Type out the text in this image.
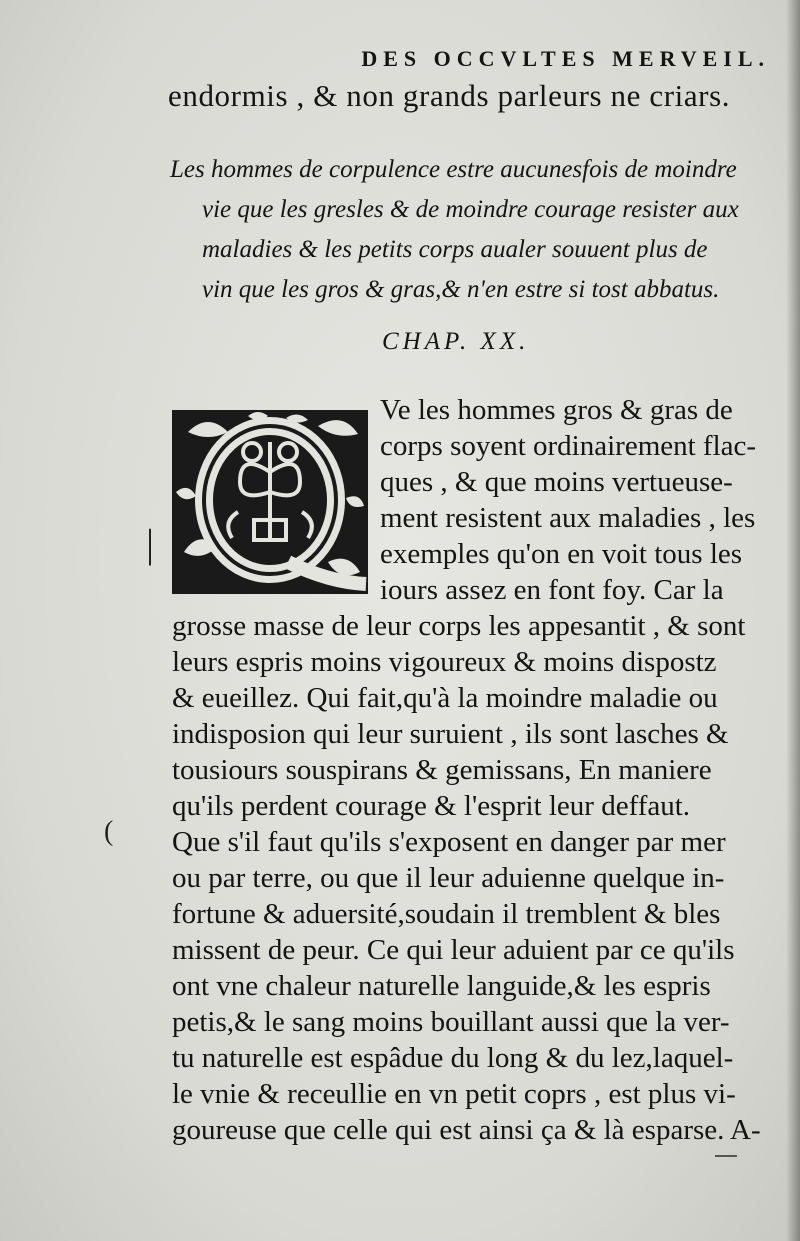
DES OCCVLTES MERVEIL.
endormis , & non grands parleurs ne criars.
Les hommes de corpulence estre aucunesfois de moindre
vie que les gresles & de moindre courage resister aux
maladies & les petits corps aualer souuent plus de
vin que les gros & gras,& n'en estre si tost abbatus.
CHAP. XX.
|
(
Ve les hommes gros & gras de
corps soyent ordinairement flac-
ques , & que moins vertueuse-
ment resistent aux maladies , les
exemples qu'on en voit tous les
iours assez en font foy. Car la
grosse masse de leur corps les appesantit , & sont
leurs espris moins vigoureux & moins dispostz
& eueillez. Qui fait,qu'à la moindre maladie ou
indisposion qui leur suruient , ils sont lasches &
tousiours souspirans & gemissans, En maniere
qu'ils perdent courage & l'esprit leur deffaut.
Que s'il faut qu'ils s'exposent en danger par mer
ou par terre, ou que il leur aduienne quelque in-
fortune & aduersité,soudain il tremblent & bles
missent de peur. Ce qui leur aduient par ce qu'ils
ont vne chaleur naturelle languide,& les espris
petis,& le sang moins bouillant aussi que la ver-
tu naturelle est espâdue du long & du lez,laquel-
le vnie & receullie en vn petit coprs , est plus vi-
goureuse que celle qui est ainsi ça & là esparse. A-
